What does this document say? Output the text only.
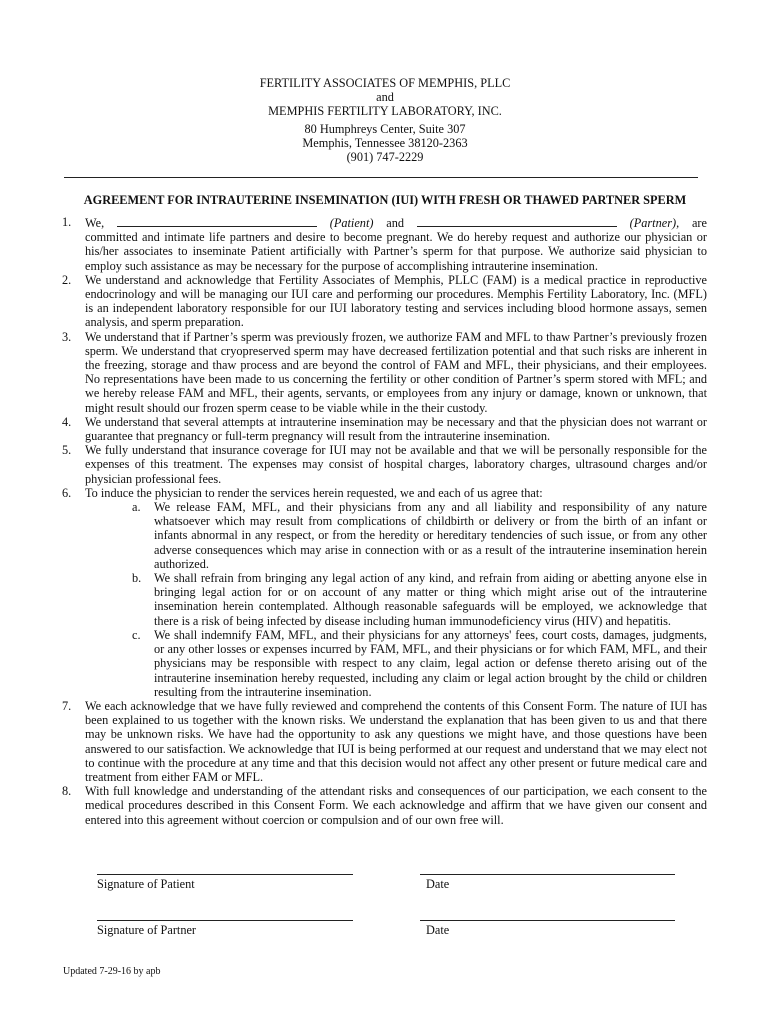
FERTILITY ASSOCIATES OF MEMPHIS, PLLC
and
MEMPHIS FERTILITY LABORATORY, INC.
80 Humphreys Center, Suite 307
Memphis, Tennessee 38120-2363
(901) 747-2229
AGREEMENT FOR INTRAUTERINE INSEMINATION (IUI) WITH FRESH OR THAWED PARTNER SPERM
1. We,	(Patient) and	(Partner), are
committed and intimate life partners and desire to become pregnant. We do hereby request and authorize our physician or his/her associates to inseminate Patient artificially with Partner’s sperm for that purpose. We authorize said physician to employ such assistance as may be necessary for the purpose of accomplishing intrauterine insemination.
2. We understand and acknowledge that Fertility Associates of Memphis, PLLC (FAM) is a medical practice in reproductive endocrinology and will be managing our IUI care and performing our procedures. Memphis Fertility Laboratory, Inc. (MFL) is an independent laboratory responsible for our IUI laboratory testing and services including blood hormone assays, semen analysis, and sperm preparation.
3. We understand that if Partner’s sperm was previously frozen, we authorize FAM and MFL to thaw Partner’s previously frozen sperm. We understand that cryopreserved sperm may have decreased fertilization potential and that such risks are inherent in the freezing, storage and thaw process and are beyond the control of FAM and MFL, their physicians, and their employees. No representations have been made to us concerning the fertility or other condition of Partner’s sperm stored with MFL; and we hereby release FAM and MFL, their agents, servants, or employees from any injury or damage, known or unknown, that might result should our frozen sperm cease to be viable while in the their custody.
4. We understand that several attempts at intrauterine insemination may be necessary and that the physician does not warrant or guarantee that pregnancy or full-term pregnancy will result from the intrauterine insemination.
5. We fully understand that insurance coverage for IUI may not be available and that we will be personally responsible for the expenses of this treatment. The expenses may consist of hospital charges, laboratory charges, ultrasound charges and/or physician professional fees.
6. To induce the physician to render the services herein requested, we and each of us agree that:
a. We release FAM, MFL, and their physicians from any and all liability and responsibility of any nature whatsoever which may result from complications of childbirth or delivery or from the birth of an infant or infants abnormal in any respect, or from the heredity or hereditary tendencies of such issue, or from any other adverse consequences which may arise in connection with or as a result of the intrauterine insemination herein authorized.
b. We shall refrain from bringing any legal action of any kind, and refrain from aiding or abetting anyone else in bringing legal action for or on account of any matter or thing which might arise out of the intrauterine insemination herein contemplated. Although reasonable safeguards will be employed, we acknowledge that there is a risk of being infected by disease including human immunodeficiency virus (HIV) and hepatitis.
c. We shall indemnify FAM, MFL, and their physicians for any attorneys' fees, court costs, damages, judgments, or any other losses or expenses incurred by FAM, MFL, and their physicians or for which FAM, MFL, and their physicians may be responsible with respect to any claim, legal action or defense thereto arising out of the intrauterine insemination hereby requested, including any claim or legal action brought by the child or children resulting from the intrauterine insemination.
7. We each acknowledge that we have fully reviewed and comprehend the contents of this Consent Form. The nature of IUI has been explained to us together with the known risks. We understand the explanation that has been given to us and that there may be unknown risks. We have had the opportunity to ask any questions we might have, and those questions have been answered to our satisfaction. We acknowledge that IUI is being performed at our request and understand that we may elect not to continue with the procedure at any time and that this decision would not affect any other present or future medical care and treatment from either FAM or MFL.
8. With full knowledge and understanding of the attendant risks and consequences of our participation, we each consent to the medical procedures described in this Consent Form. We each acknowledge and affirm that we have given our consent and entered into this agreement without coercion or compulsion and of our own free will.
Signature of Patient	Date
Signature of Partner	Date
Updated 7-29-16 by apb
